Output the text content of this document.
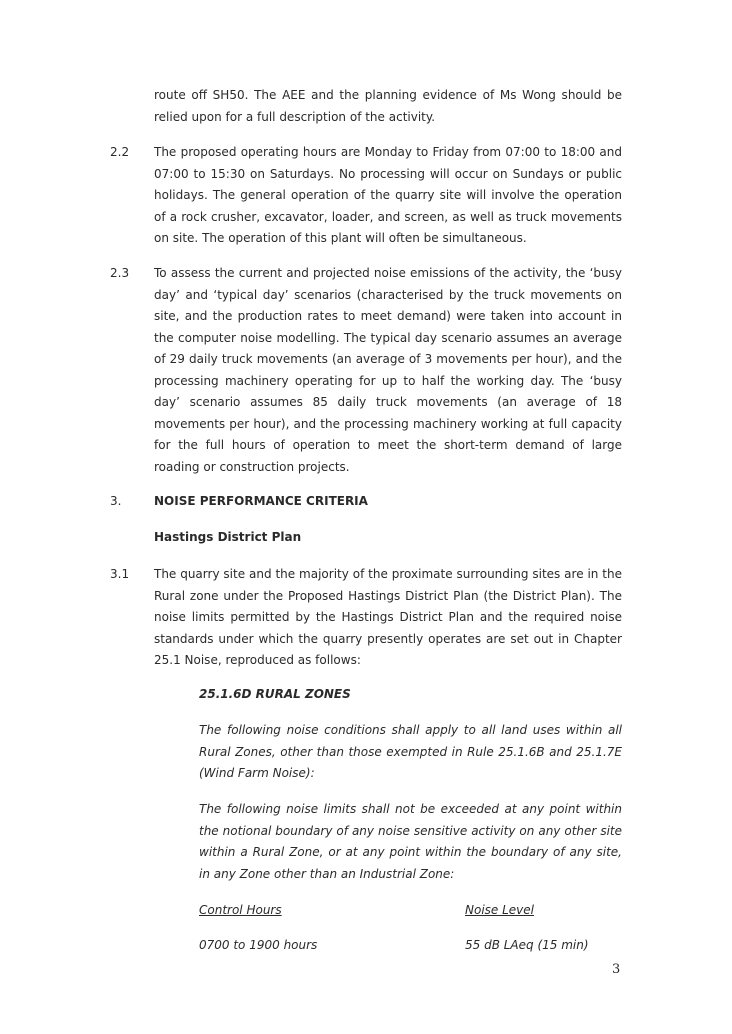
route off SH50. The AEE and the planning evidence of Ms Wong should be relied upon for a full description of the activity.

2.2 The proposed operating hours are Monday to Friday from 07:00 to 18:00 and 07:00 to 15:30 on Saturdays. No processing will occur on Sundays or public holidays. The general operation of the quarry site will involve the operation of a rock crusher, excavator, loader, and screen, as well as truck movements on site. The operation of this plant will often be simultaneous.

2.3 To assess the current and projected noise emissions of the activity, the ‘busy day’ and ‘typical day’ scenarios (characterised by the truck movements on site, and the production rates to meet demand) were taken into account in the computer noise modelling. The typical day scenario assumes an average of 29 daily truck movements (an average of 3 movements per hour), and the processing machinery operating for up to half the working day. The ‘busy day’ scenario assumes 85 daily truck movements (an average of 18 movements per hour), and the processing machinery working at full capacity for the full hours of operation to meet the short-term demand of large roading or construction projects.

3.	NOISE PERFORMANCE CRITERIA
Hastings District Plan
3.1 The quarry site and the majority of the proximate surrounding sites are in the Rural zone under the Proposed Hastings District Plan (the District Plan). The noise limits permitted by the Hastings District Plan and the required noise standards under which the quarry presently operates are set out in Chapter 25.1 Noise, reproduced as follows:

25.1.6D RURAL ZONES

The following noise conditions shall apply to all land uses within all Rural Zones, other than those exempted in Rule 25.1.6B and 25.1.7E (Wind Farm Noise):

The following noise limits shall not be exceeded at any point within the notional boundary of any noise sensitive activity on any other site within a Rural Zone, or at any point within the boundary of any site, in any Zone other than an Industrial Zone:

Control Hours	Noise Level
0700 to 1900 hours	55 dB LAeq (15 min)
3
